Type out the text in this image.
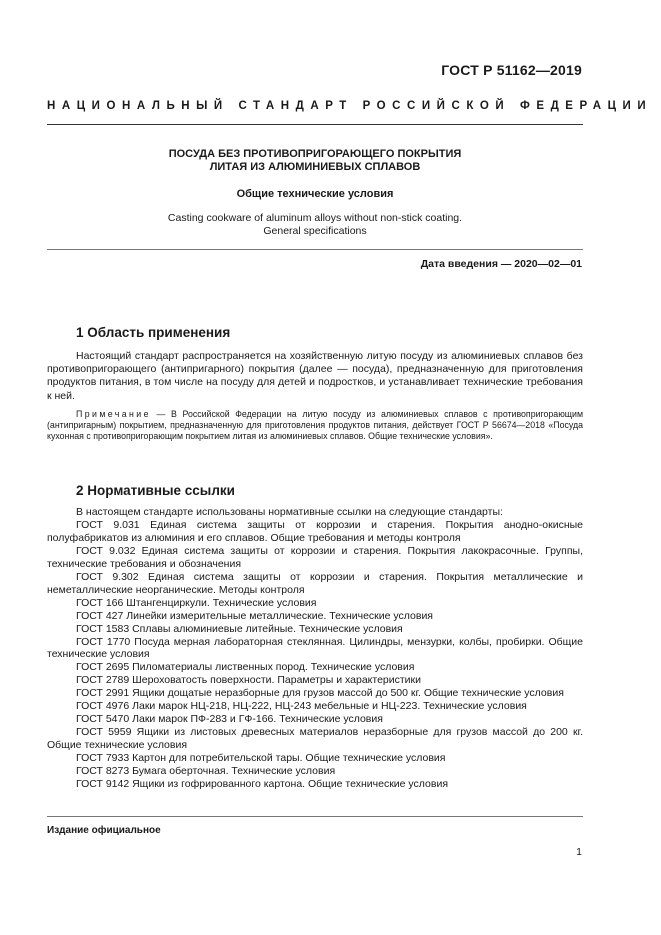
ГОСТ Р 51162—2019
НАЦИОНАЛЬНЫЙ СТАНДАРТ РОССИЙСКОЙ ФЕДЕРАЦИИ
ПОСУДА БЕЗ ПРОТИВОПРИГОРАЮЩЕГО ПОКРЫТИЯ
ЛИТАЯ ИЗ АЛЮМИНИЕВЫХ СПЛАВОВ
Общие технические условия
Casting cookware of aluminum alloys without non-stick coating.
General specifications
Дата введения — 2020—02—01
1 Область применения

Настоящий стандарт распространяется на хозяйственную литую посуду из алюминиевых сплавов без противопригорающего (антипригарного) покрытия (далее — посуда), предназначенную для приготовления продуктов питания, в том числе на посуду для детей и подростков, и устанавливает технические требования к ней.

Примечание — В Российской Федерации на литую посуду из алюминиевых сплавов с противопригорающим (антипригарным) покрытием, предназначенную для приготовления продуктов питания, действует ГОСТ Р 56674—2018 «Посуда кухонная с противопригорающим покрытием литая из алюминиевых сплавов. Общие технические условия».
2 Нормативные ссылки

В настоящем стандарте использованы нормативные ссылки на следующие стандарты:

ГОСТ 9.031 Единая система защиты от коррозии и старения. Покрытия анодно-окисные полуфабрикатов из алюминия и его сплавов. Общие требования и методы контроля

ГОСТ 9.032 Единая система защиты от коррозии и старения. Покрытия лакокрасочные. Группы, технические требования и обозначения

ГОСТ 9.302 Единая система защиты от коррозии и старения. Покрытия металлические и неметаллические неорганические. Методы контроля

ГОСТ 166 Штангенциркули. Технические условия

ГОСТ 427 Линейки измерительные металлические. Технические условия

ГОСТ 1583 Сплавы алюминиевые литейные. Технические условия

ГОСТ 1770 Посуда мерная лабораторная стеклянная. Цилиндры, мензурки, колбы, пробирки. Общие технические условия

ГОСТ 2695 Пиломатериалы лиственных пород. Технические условия

ГОСТ 2789 Шероховатость поверхности. Параметры и характеристики

ГОСТ 2991 Ящики дощатые неразборные для грузов массой до 500 кг. Общие технические условия

ГОСТ 4976 Лаки марок НЦ-218, НЦ-222, НЦ-243 мебельные и НЦ-223. Технические условия

ГОСТ 5470 Лаки марок ПФ-283 и ГФ-166. Технические условия

ГОСТ 5959 Ящики из листовых древесных материалов неразборные для грузов массой до 200 кг. Общие технические условия

ГОСТ 7933 Картон для потребительской тары. Общие технические условия

ГОСТ 8273 Бумага оберточная. Технические условия

ГОСТ 9142 Ящики из гофрированного картона. Общие технические условия

Издание официальное
1
